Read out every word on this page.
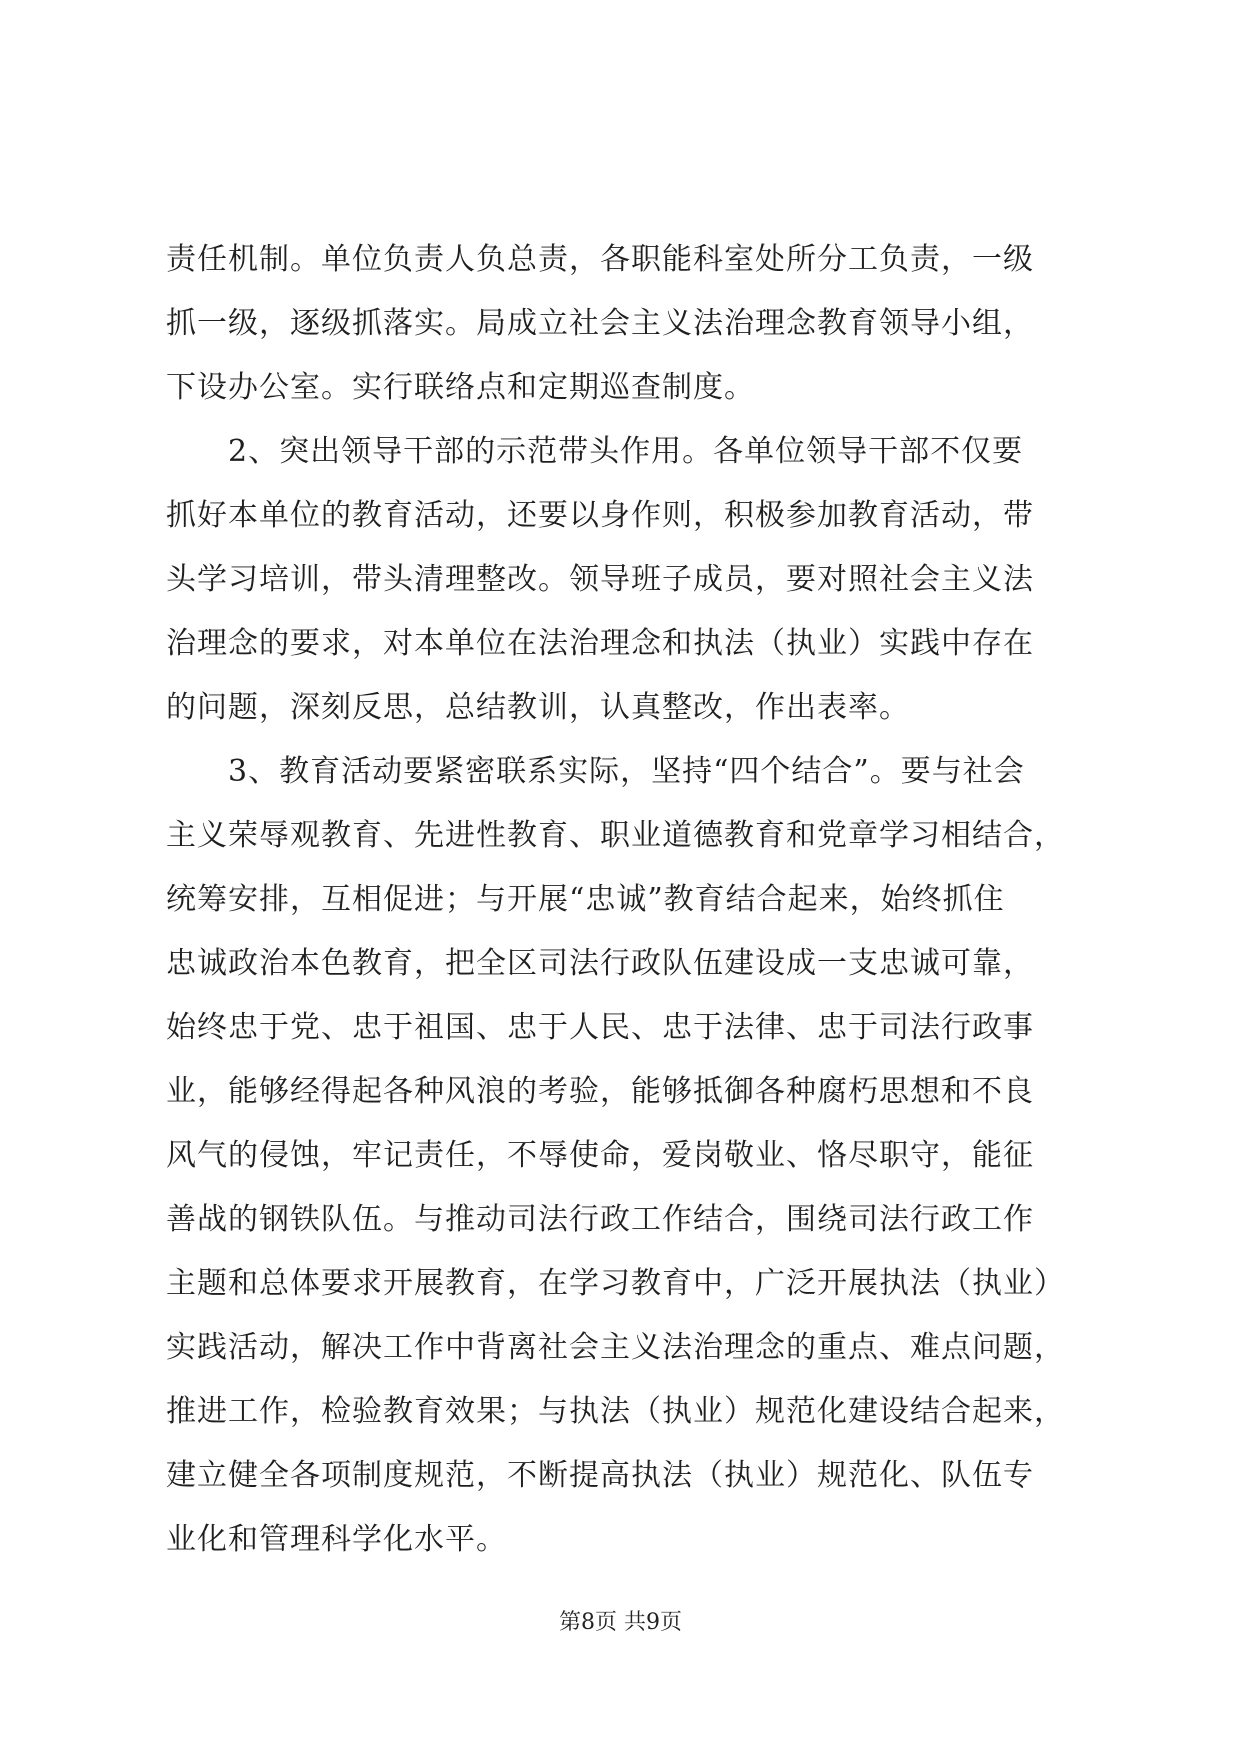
责任机制。单位负责人负总责，各职能科室处所分工负责，一级
抓一级，逐级抓落实。局成立社会主义法治理念教育领导小组，
下设办公室。实行联络点和定期巡查制度。
2、突出领导干部的示范带头作用。各单位领导干部不仅要
抓好本单位的教育活动，还要以身作则，积极参加教育活动，带
头学习培训，带头清理整改。领导班子成员，要对照社会主义法
治理念的要求，对本单位在法治理念和执法（执业）实践中存在
的问题，深刻反思，总结教训，认真整改，作出表率。
3、教育活动要紧密联系实际，坚持“四个结合”。要与社会
主义荣辱观教育、先进性教育、职业道德教育和党章学习相结合，
统筹安排，互相促进；与开展“忠诚”教育结合起来，始终抓住
忠诚政治本色教育，把全区司法行政队伍建设成一支忠诚可靠，
始终忠于党、忠于祖国、忠于人民、忠于法律、忠于司法行政事
业，能够经得起各种风浪的考验，能够抵御各种腐朽思想和不良
风气的侵蚀，牢记责任，不辱使命，爱岗敬业、恪尽职守，能征
善战的钢铁队伍。与推动司法行政工作结合，围绕司法行政工作
主题和总体要求开展教育，在学习教育中，广泛开展执法（执业）
实践活动，解决工作中背离社会主义法治理念的重点、难点问题，
推进工作，检验教育效果；与执法（执业）规范化建设结合起来，
建立健全各项制度规范，不断提高执法（执业）规范化、队伍专
业化和管理科学化水平。
第8页 共9页
